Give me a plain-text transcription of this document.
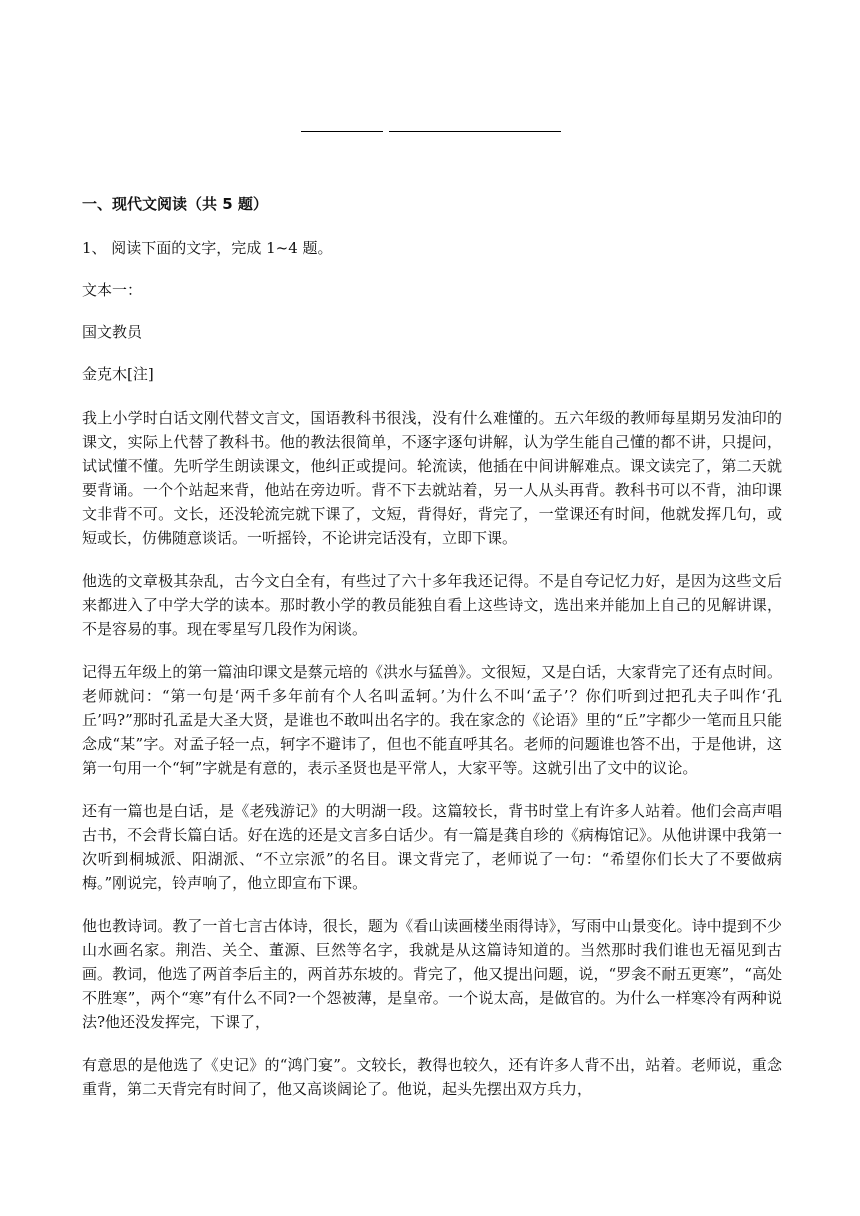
一、现代文阅读（共 5 题）
1、 阅读下面的文字，完成 1~4 题。
文本一：
国文教员
金克木[注]

我上小学时白话文刚代替文言文，国语教科书很浅，没有什么难懂的。五六年级的教师每星期另发油印的课文，实际上代替了教科书。他的教法很简单，不逐字逐句讲解，认为学生能自己懂的都不讲，只提问，试试懂不懂。先听学生朗读课文，他纠正或提问。轮流读，他插在中间讲解难点。课文读完了，第二天就要背诵。一个个站起来背，他站在旁边听。背不下去就站着，另一人从头再背。教科书可以不背，油印课文非背不可。文长，还没轮流完就下课了，文短，背得好，背完了，一堂课还有时间，他就发挥几句，或短或长，仿佛随意谈话。一听摇铃，不论讲完话没有，立即下课。

他选的文章极其杂乱，古今文白全有，有些过了六十多年我还记得。不是自夸记忆力好，是因为这些文后来都进入了中学大学的读本。那时教小学的教员能独自看上这些诗文，选出来并能加上自己的见解讲课，不是容易的事。现在零星写几段作为闲谈。

记得五年级上的第一篇油印课文是蔡元培的《洪水与猛兽》。文很短，又是白话，大家背完了还有点时间。老师就问：“第一句是‘两千多年前有个人名叫孟轲。’为什么不叫‘孟子’？你们听到过把孔夫子叫作‘孔丘’吗?”那时孔孟是大圣大贤，是谁也不敢叫出名字的。我在家念的《论语》里的“丘”字都少一笔而且只能念成“某”字。对孟子轻一点，轲字不避讳了，但也不能直呼其名。老师的问题谁也答不出，于是他讲，这第一句用一个“轲”字就是有意的，表示圣贤也是平常人，大家平等。这就引出了文中的议论。

还有一篇也是白话，是《老残游记》的大明湖一段。这篇较长，背书时堂上有许多人站着。他们会高声唱古书，不会背长篇白话。好在选的还是文言多白话少。有一篇是龚自珍的《病梅馆记》。从他讲课中我第一次听到桐城派、阳湖派、“不立宗派”的名目。课文背完了，老师说了一句：“希望你们长大了不要做病梅。”刚说完，铃声响了，他立即宣布下课。

他也教诗词。教了一首七言古体诗，很长，题为《看山读画楼坐雨得诗》，写雨中山景变化。诗中提到不少山水画名家。荆浩、关仝、董源、巨然等名字，我就是从这篇诗知道的。当然那时我们谁也无福见到古画。教词，他选了两首李后主的，两首苏东坡的。背完了，他又提出问题，说，“罗衾不耐五更寒”，“高处不胜寒”，两个“寒”有什么不同?一个怨被薄，是皇帝。一个说太高，是做官的。为什么一样寒冷有两种说法?他还没发挥完，下课了，

有意思的是他选了《史记》的“鸿门宴”。文较长，教得也较久，还有许多人背不出，站着。老师说，重念重背，第二天背完有时间了，他又高谈阔论了。他说，起头先摆出双方兵力，
